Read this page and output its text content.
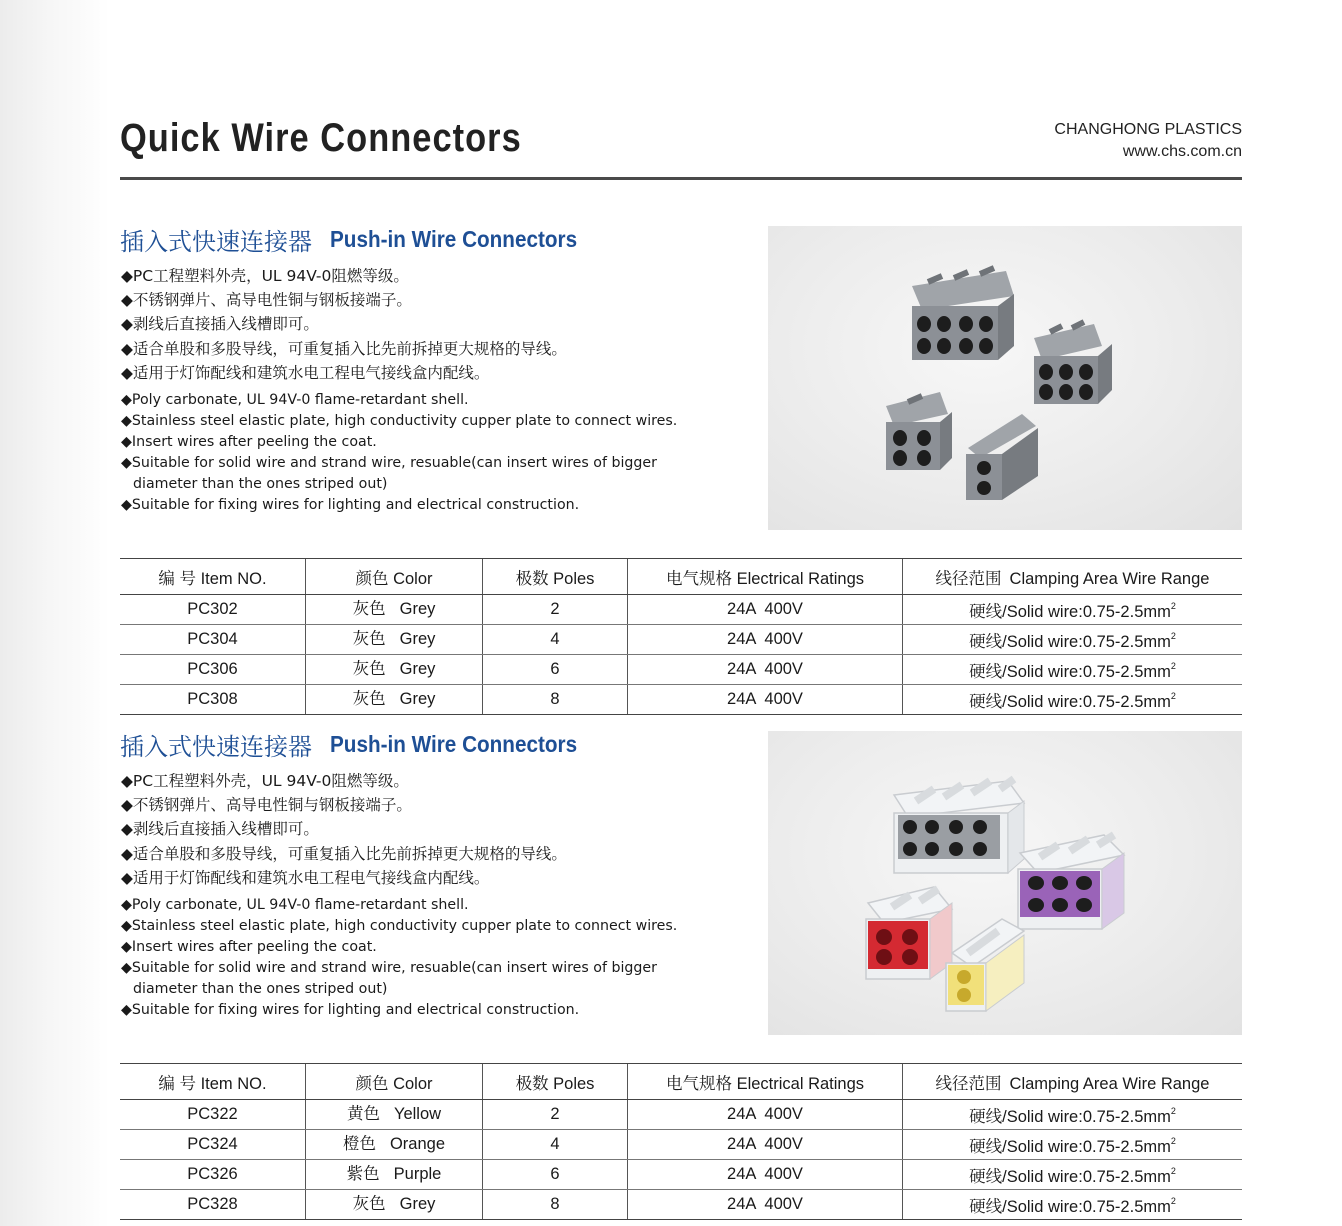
Quick Wire Connectors	CHANGHONG PLASTICS
www.chs.com.cn
插入式快速连接器 Push-in Wire Connectors
◆PC工程塑料外壳，UL 94V-0阻燃等级。
◆不锈钢弹片、高导电性铜与钢板接端子。
◆剥线后直接插入线槽即可。
◆适合单股和多股导线，可重复插入比先前拆掉更大规格的导线。
◆适用于灯饰配线和建筑水电工程电气接线盒内配线。
◆Poly carbonate, UL 94V-0 flame-retardant shell.
◆Stainless steel elastic plate, high conductivity cupper plate to connect wires.
◆Insert wires after peeling the coat.
◆Suitable for solid wire and strand wire, resuable(can insert wires of bigger
diameter than the ones striped out)
◆Suitable for fixing wires for lighting and electrical construction.
编 号 Item NO.	颜色 Color	极数 Poles	电气规格 Electrical Ratings	线径范围 Clamping Area Wire Range
PC302	灰色 Grey	2	24A 400V	硬线/Solid $wire:0.75-2.5mm^2$
PC304	灰色 Grey	4	24A 400V	硬线/Solid $wire:0.75-2.5mm^2$
PC306	灰色 Grey	6	24A 400V	硬线/Solid $wire:0.75-2.5mm^2$
PC308	灰色 Grey	8	24A 400V	硬线/Solid $wire:0.75-2.5mm^2$
插入式快速连接器 Push-in Wire Connectors
◆PC工程塑料外壳，UL 94V-0阻燃等级。
◆不锈钢弹片、高导电性铜与钢板接端子。
◆剥线后直接插入线槽即可。
◆适合单股和多股导线，可重复插入比先前拆掉更大规格的导线。
◆适用于灯饰配线和建筑水电工程电气接线盒内配线。
◆Poly carbonate, UL 94V-0 flame-retardant shell.
◆Stainless steel elastic plate, high conductivity cupper plate to connect wires.
◆Insert wires after peeling the coat.
◆Suitable for solid wire and strand wire, resuable(can insert wires of bigger
diameter than the ones striped out)
◆Suitable for fixing wires for lighting and electrical construction.
编 号 Item NO.	颜色 Color	极数 Poles	电气规格 Electrical Ratings	线径范围 Clamping Area Wire Range
PC322	黄色 Yellow	2	24A 400V	硬线/Solid $wire:0.75-2.5mm^2$
PC324	橙色 Orange	4	24A 400V	硬线/Solid $wire:0.75-2.5mm^2$
PC326	紫色 Purple	6	24A 400V	硬线/Solid $wire:0.75-2.5mm^2$
PC328	灰色 Grey	8	24A 400V	硬线/Solid $wire:0.75-2.5mm^2$
